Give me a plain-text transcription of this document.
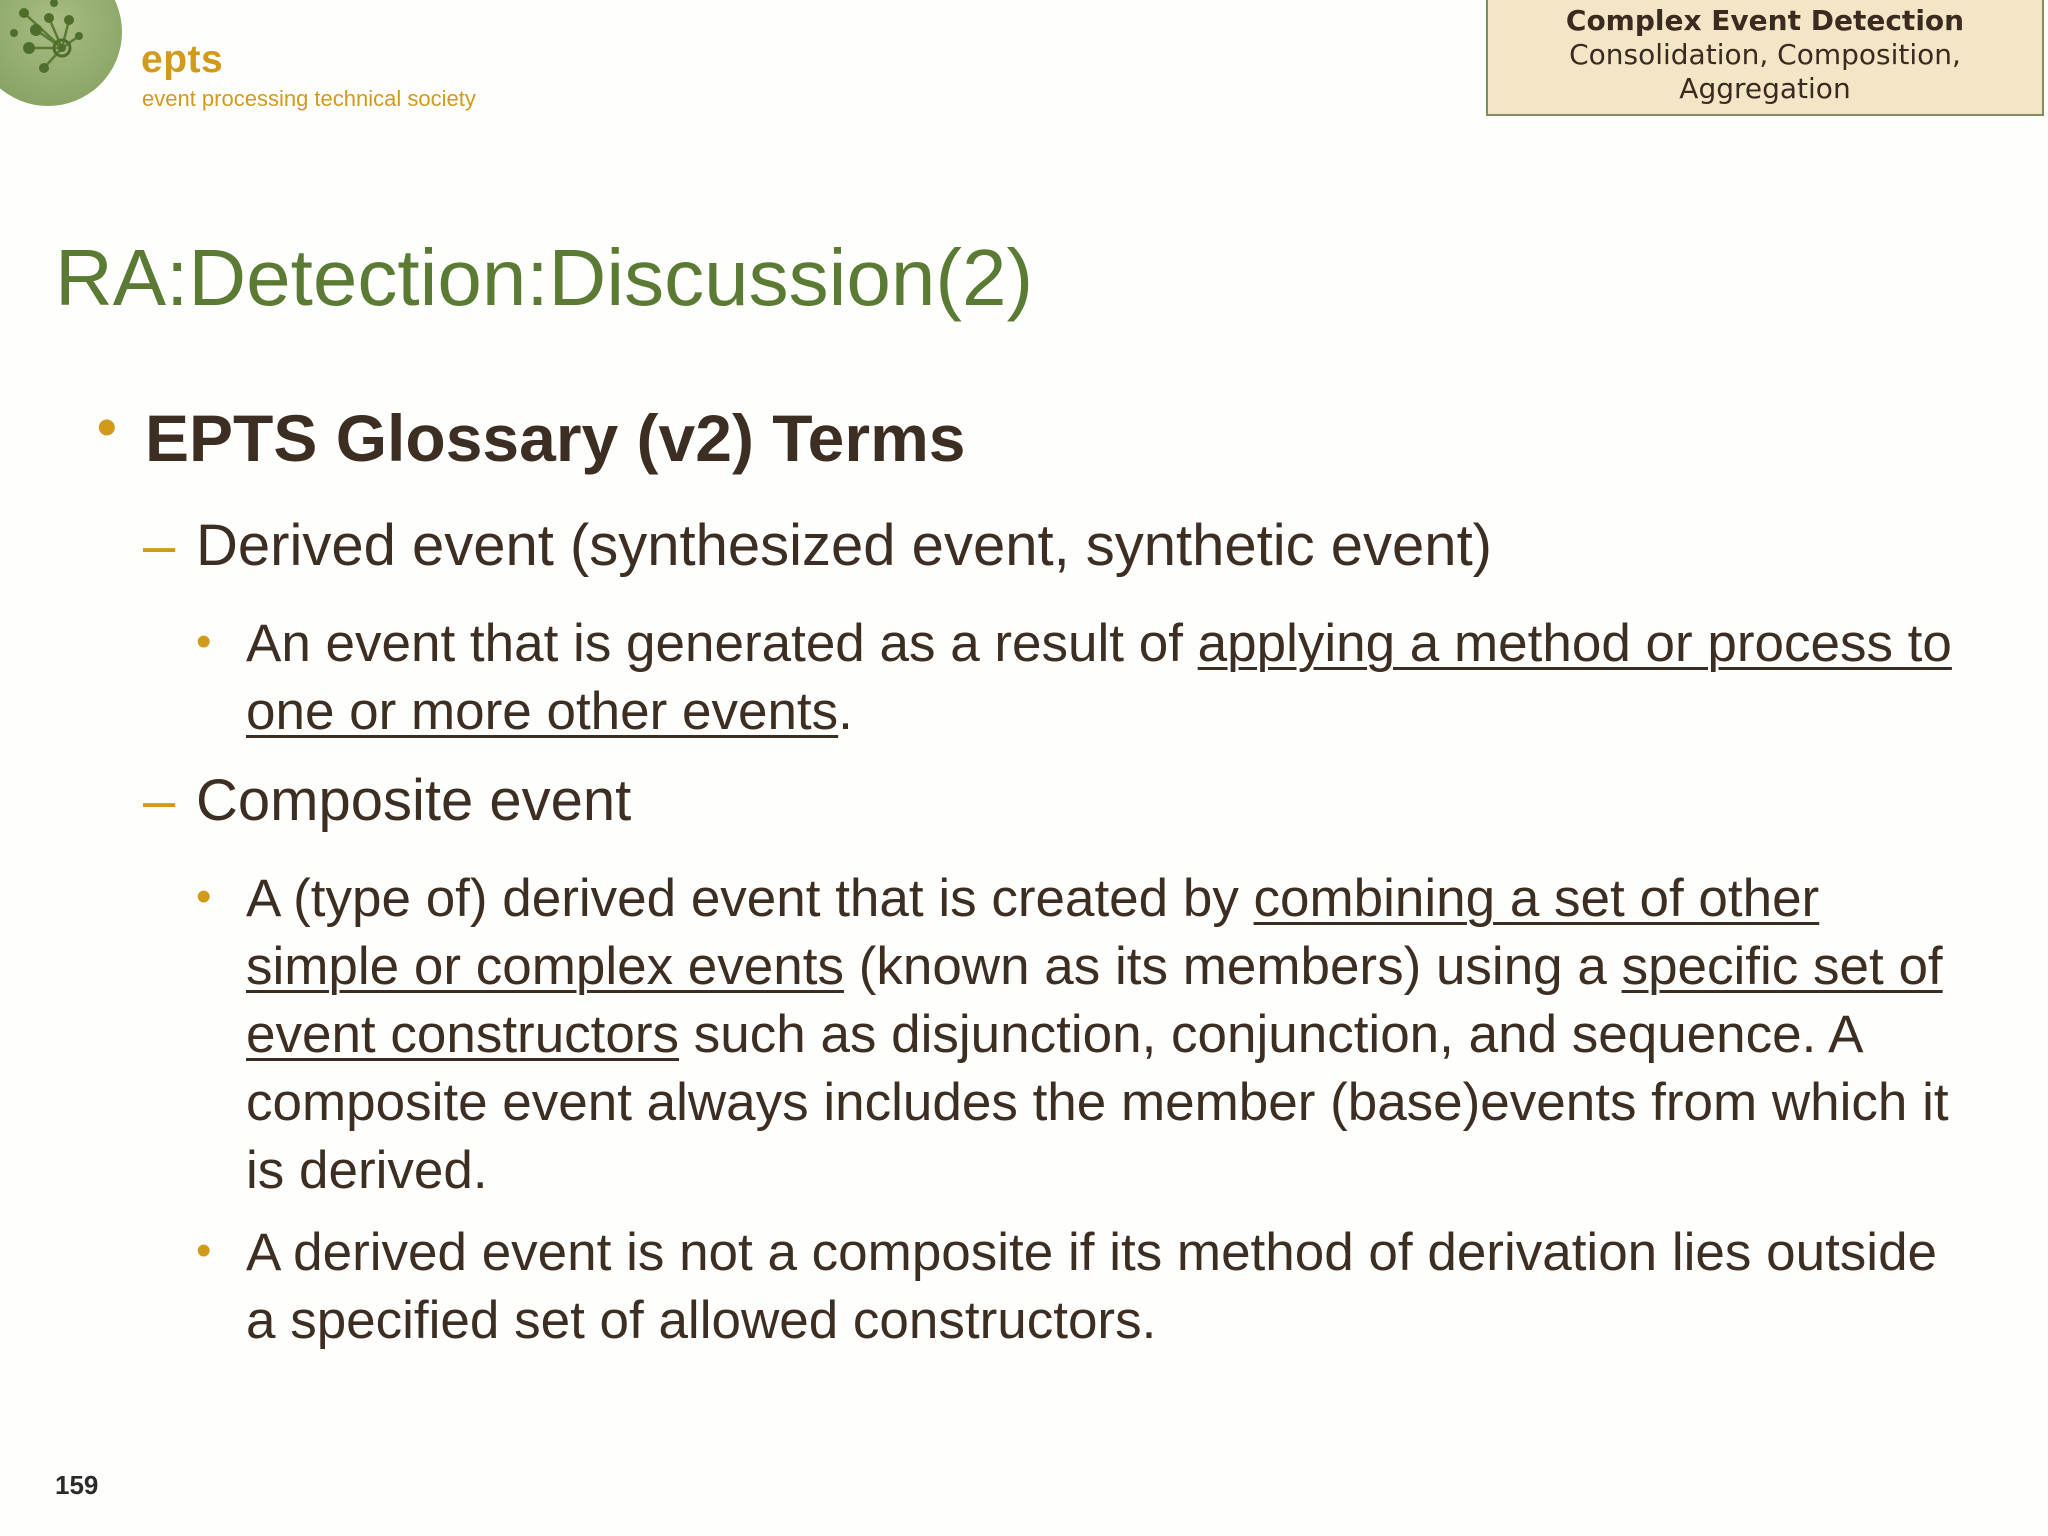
epts
event processing technical society
Complex Event Detection
Consolidation, Composition,
Aggregation
RA:Detection:Discussion(2)
• EPTS Glossary (v2) Terms
– Derived event (synthesized event, synthetic event)
• An event that is generated as a result of applying a method or process to one or more other events.
– Composite event
• A (type of) derived event that is created by combining a set of other simple or complex events (known as its members) using a specific set of event constructors such as disjunction, conjunction, and sequence. A composite event always includes the member (base)events from which it is derived.
• A derived event is not a composite if its method of derivation lies outside a specified set of allowed constructors.
159
